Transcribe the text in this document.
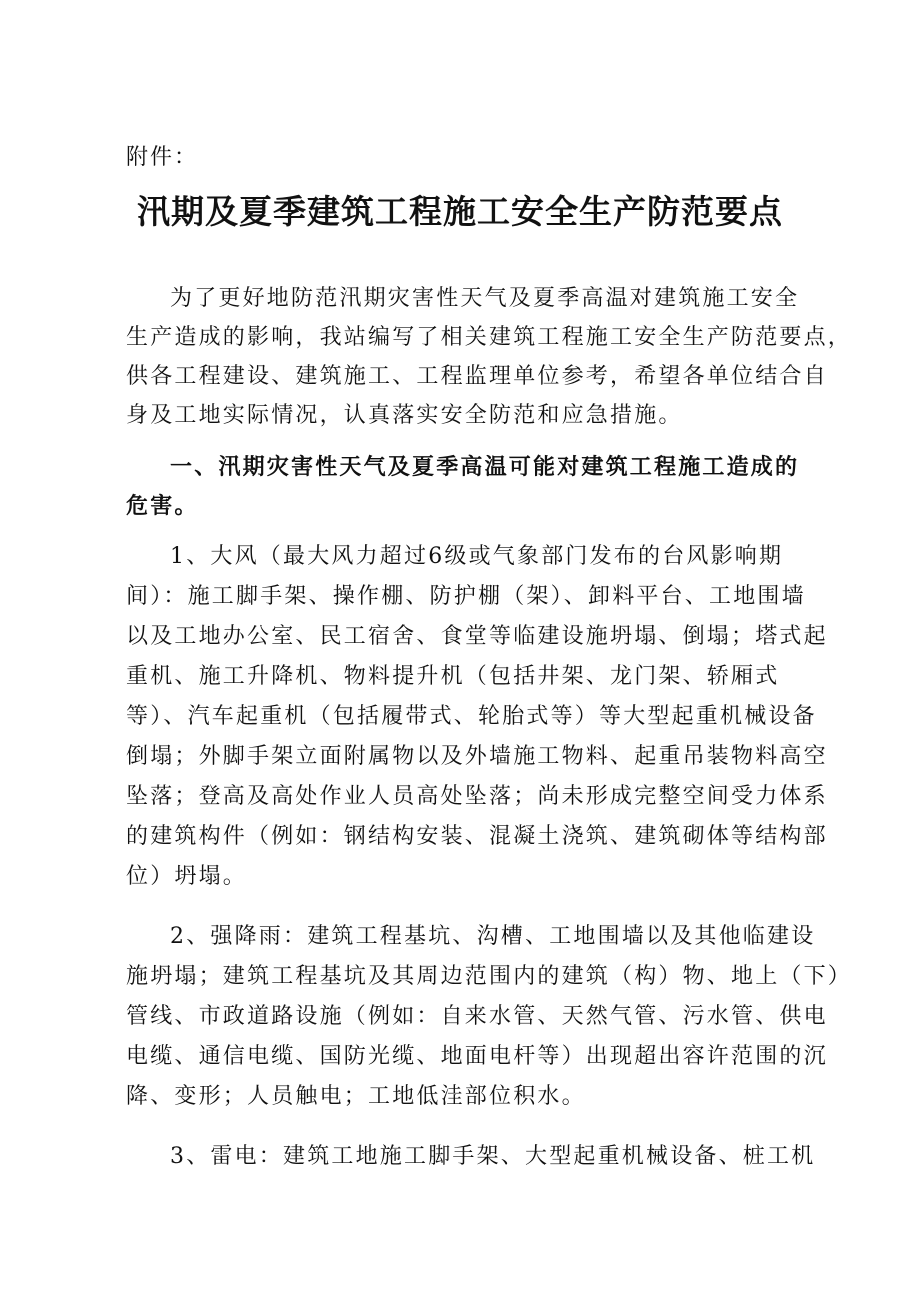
附件：
汛期及夏季建筑工程施工安全生产防范要点
为了更好地防范汛期灾害性天气及夏季高温对建筑施工安全
生产造成的影响，我站编写了相关建筑工程施工安全生产防范要点，
供各工程建设、建筑施工、工程监理单位参考，希望各单位结合自
身及工地实际情况，认真落实安全防范和应急措施。
一、汛期灾害性天气及夏季高温可能对建筑工程施工造成的
危害。
1、大风（最大风力超过6级或气象部门发布的台风影响期
间）：施工脚手架、操作棚、防护棚（架）、卸料平台、工地围墙
以及工地办公室、民工宿舍、食堂等临建设施坍塌、倒塌；塔式起
重机、施工升降机、物料提升机（包括井架、龙门架、轿厢式
等）、汽车起重机（包括履带式、轮胎式等）等大型起重机械设备
倒塌；外脚手架立面附属物以及外墙施工物料、起重吊装物料高空
坠落；登高及高处作业人员高处坠落；尚未形成完整空间受力体系
的建筑构件（例如：钢结构安装、混凝土浇筑、建筑砌体等结构部
位）坍塌。
2、强降雨：建筑工程基坑、沟槽、工地围墙以及其他临建设
施坍塌；建筑工程基坑及其周边范围内的建筑（构）物、地上（下）
管线、市政道路设施（例如：自来水管、天然气管、污水管、供电
电缆、通信电缆、国防光缆、地面电杆等）出现超出容许范围的沉
降、变形；人员触电；工地低洼部位积水。
3、雷电：建筑工地施工脚手架、大型起重机械设备、桩工机
